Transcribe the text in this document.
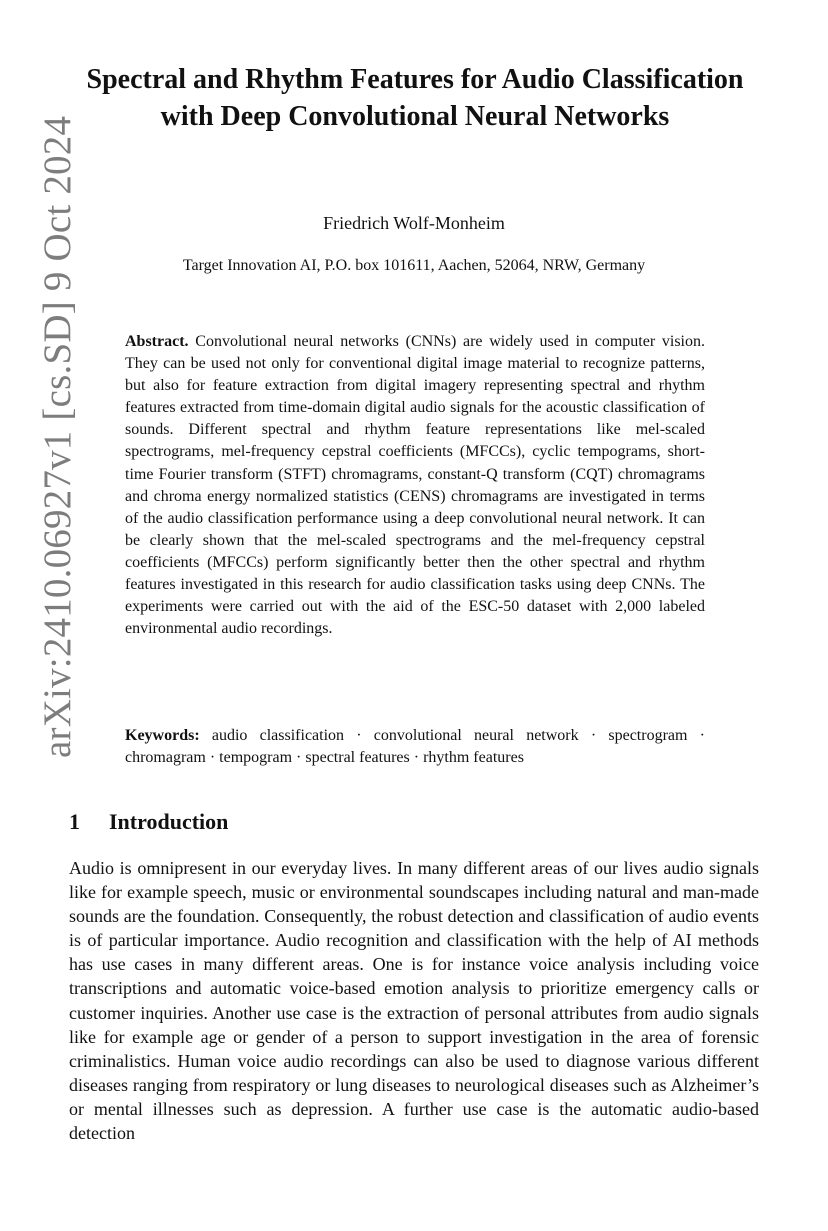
arXiv:2410.06927v1 [cs.SD] 9 Oct 2024
Spectral and Rhythm Features for Audio Classification with Deep Convolutional Neural Networks
Friedrich Wolf-Monheim
Target Innovation AI, P.O. box 101611, Aachen, 52064, NRW, Germany
Abstract. Convolutional neural networks (CNNs) are widely used in computer vision. They can be used not only for conventional digital image material to recognize patterns, but also for feature extraction from digital imagery representing spectral and rhythm features extracted from time-domain digital audio signals for the acoustic classification of sounds. Different spectral and rhythm feature representations like mel-scaled spectrograms, mel-frequency cepstral coefficients (MFCCs), cyclic tempograms, short-time Fourier transform (STFT) chromagrams, constant-Q transform (CQT) chromagrams and chroma energy normalized statistics (CENS) chromagrams are investigated in terms of the audio classification performance using a deep convolutional neural network. It can be clearly shown that the mel-scaled spectrograms and the mel-frequency cepstral coefficients (MFCCs) perform significantly better then the other spectral and rhythm features investigated in this research for audio classification tasks using deep CNNs. The experiments were carried out with the aid of the ESC-50 dataset with 2,000 labeled environmental audio recordings.
Keywords: audio classification · convolutional neural network · spectrogram · chromagram · tempogram · spectral features · rhythm features
1 Introduction
Audio is omnipresent in our everyday lives. In many different areas of our lives audio signals like for example speech, music or environmental soundscapes including natural and man-made sounds are the foundation. Consequently, the robust detection and classification of audio events is of particular importance. Audio recognition and classification with the help of AI methods has use cases in many different areas. One is for instance voice analysis including voice transcriptions and automatic voice-based emotion analysis to prioritize emergency calls or customer inquiries. Another use case is the extraction of personal attributes from audio signals like for example age or gender of a person to support investigation in the area of forensic criminalistics. Human voice audio recordings can also be used to diagnose various different diseases ranging from respiratory or lung diseases to neurological diseases such as Alzheimer’s or mental illnesses such as depression. A further use case is the automatic audio-based detection
